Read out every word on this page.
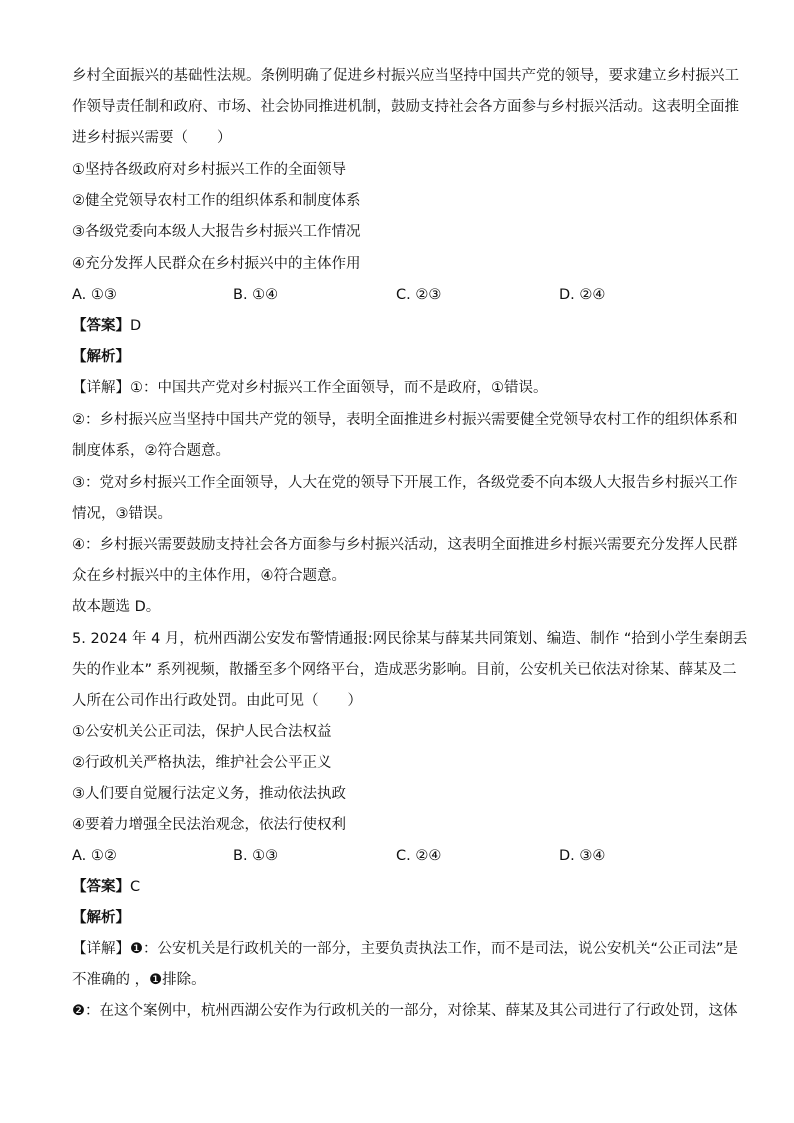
乡村全面振兴的基础性法规。条例明确了促进乡村振兴应当坚持中国共产党的领导，要求建立乡村振兴工
作领导责任制和政府、市场、社会协同推进机制，鼓励支持社会各方面参与乡村振兴活动。这表明全面推
进乡村振兴需要（　　）
①坚持各级政府对乡村振兴工作的全面领导
②健全党领导农村工作的组织体系和制度体系
③各级党委向本级人大报告乡村振兴工作情况
④充分发挥人民群众在乡村振兴中的主体作用
A. ①③	B. ①④	C. ②③	D. ②④
【答案】D
【解析】
【详解】①：中国共产党对乡村振兴工作全面领导，而不是政府，①错误。
②：乡村振兴应当坚持中国共产党的领导，表明全面推进乡村振兴需要健全党领导农村工作的组织体系和
制度体系，②符合题意。
③：党对乡村振兴工作全面领导，人大在党的领导下开展工作，各级党委不向本级人大报告乡村振兴工作
情况，③错误。
④：乡村振兴需要鼓励支持社会各方面参与乡村振兴活动，这表明全面推进乡村振兴需要充分发挥人民群
众在乡村振兴中的主体作用，④符合题意。
故本题选 D。
5. 2024 年 4 月，杭州西湖公安发布警情通报:网民徐某与薛某共同策划、编造、制作 “拾到小学生秦朗丢
失的作业本” 系列视频，散播至多个网络平台，造成恶劣影响。目前，公安机关已依法对徐某、薛某及二
人所在公司作出行政处罚。由此可见（　　）
①公安机关公正司法，保护人民合法权益
②行政机关严格执法，维护社会公平正义
③人们要自觉履行法定义务，推动依法执政
④要着力增强全民法治观念，依法行使权利
A. ①②	B. ①③	C. ②④	D. ③④
【答案】C
【解析】
【详解】❶：公安机关是行政机关的一部分，主要负责执法工作，而不是司法，说公安机关“公正司法”是
不准确的 ，❶排除。
❷：在这个案例中，杭州西湖公安作为行政机关的一部分，对徐某、薛某及其公司进行了行政处罚，这体
